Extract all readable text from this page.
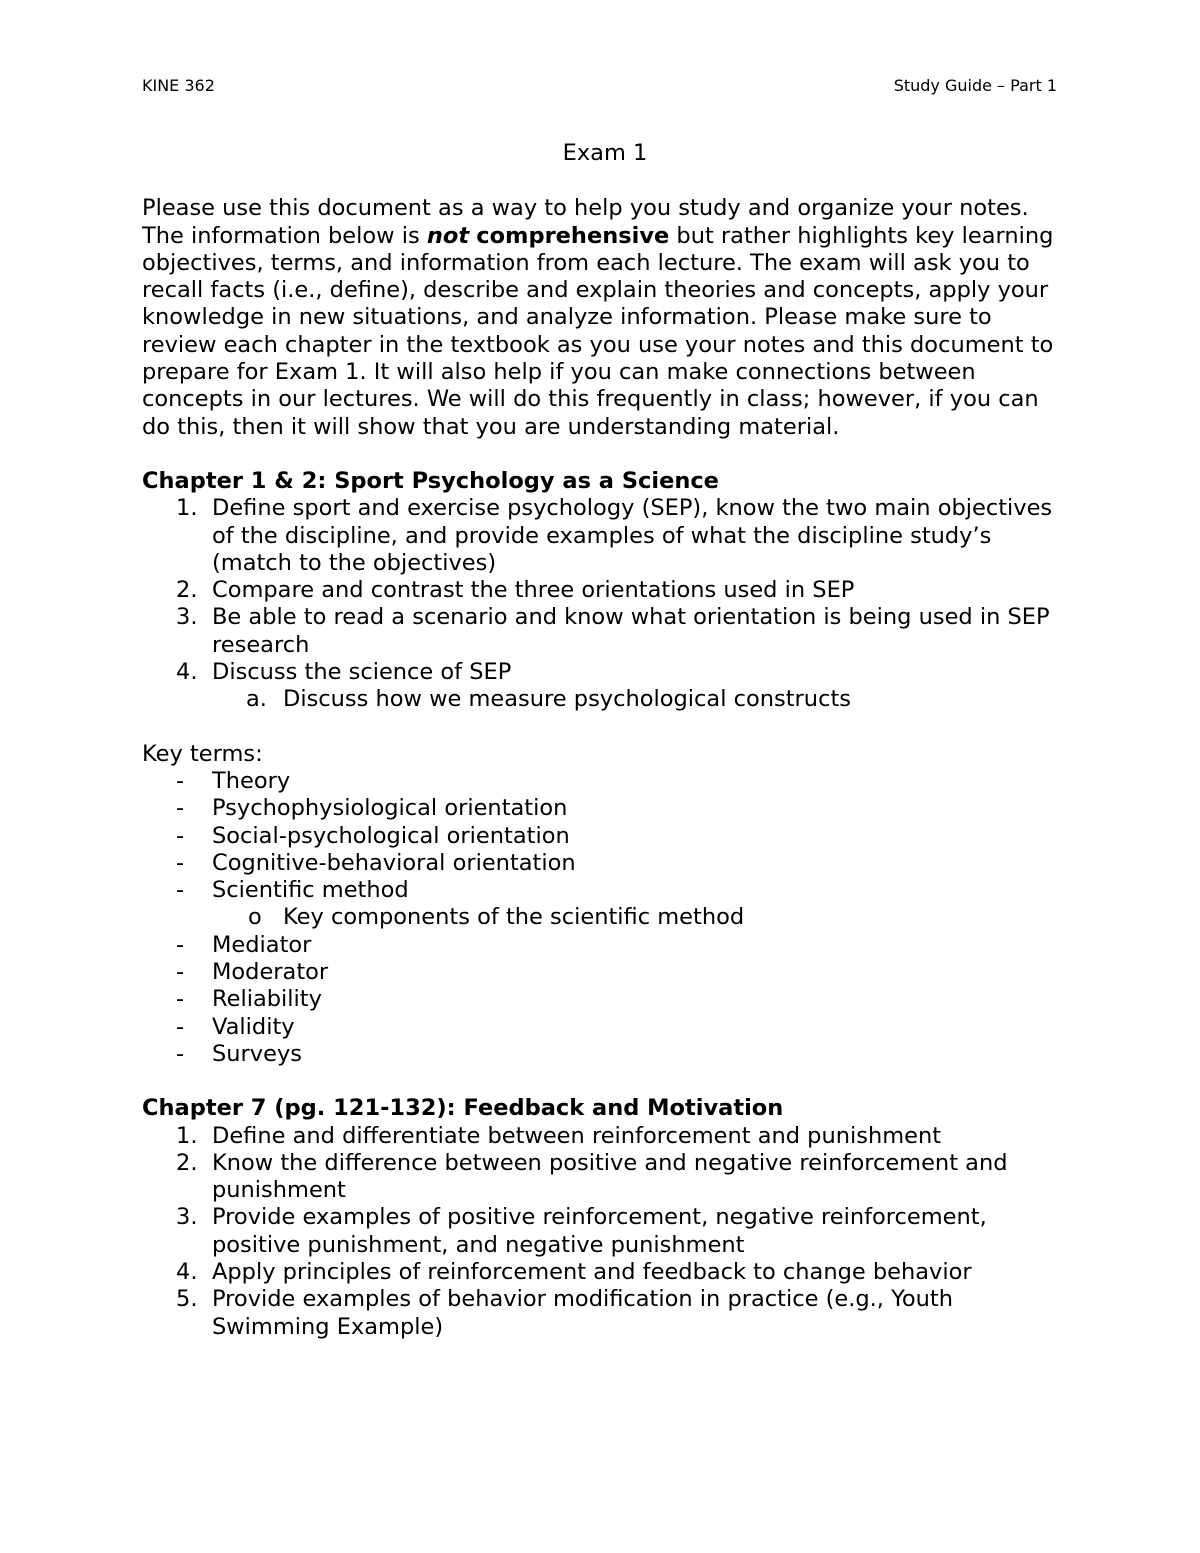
KINE 362	Study Guide – Part 1

Exam 1

Please use this document as a way to help you study and organize your notes. The information below is not comprehensive but rather highlights key learning objectives, terms, and information from each lecture. The exam will ask you to recall facts (i.e., define), describe and explain theories and concepts, apply your knowledge in new situations, and analyze information. Please make sure to review each chapter in the textbook as you use your notes and this document to prepare for Exam 1. It will also help if you can make connections between concepts in our lectures. We will do this frequently in class; however, if you can do this, then it will show that you are understanding material.

Chapter 1 & 2: Sport Psychology as a Science

1. Define sport and exercise psychology (SEP), know the two main objectives of the discipline, and provide examples of what the discipline study’s (match to the objectives)
2. Compare and contrast the three orientations used in SEP
3. Be able to read a scenario and know what orientation is being used in SEP research
4. Discuss the science of SEP
a. Discuss how we measure psychological constructs

Key terms:

- Theory
- Psychophysiological orientation
- Social-psychological orientation
- Cognitive-behavioral orientation
- Scientific method
o Key components of the scientific method
- Mediator
- Moderator
- Reliability
- Validity
- Surveys

Chapter 7 (pg. 121-132): Feedback and Motivation

1. Define and differentiate between reinforcement and punishment
2. Know the difference between positive and negative reinforcement and punishment
3. Provide examples of positive reinforcement, negative reinforcement, positive punishment, and negative punishment
4. Apply principles of reinforcement and feedback to change behavior
5. Provide examples of behavior modification in practice (e.g., Youth Swimming Example)
